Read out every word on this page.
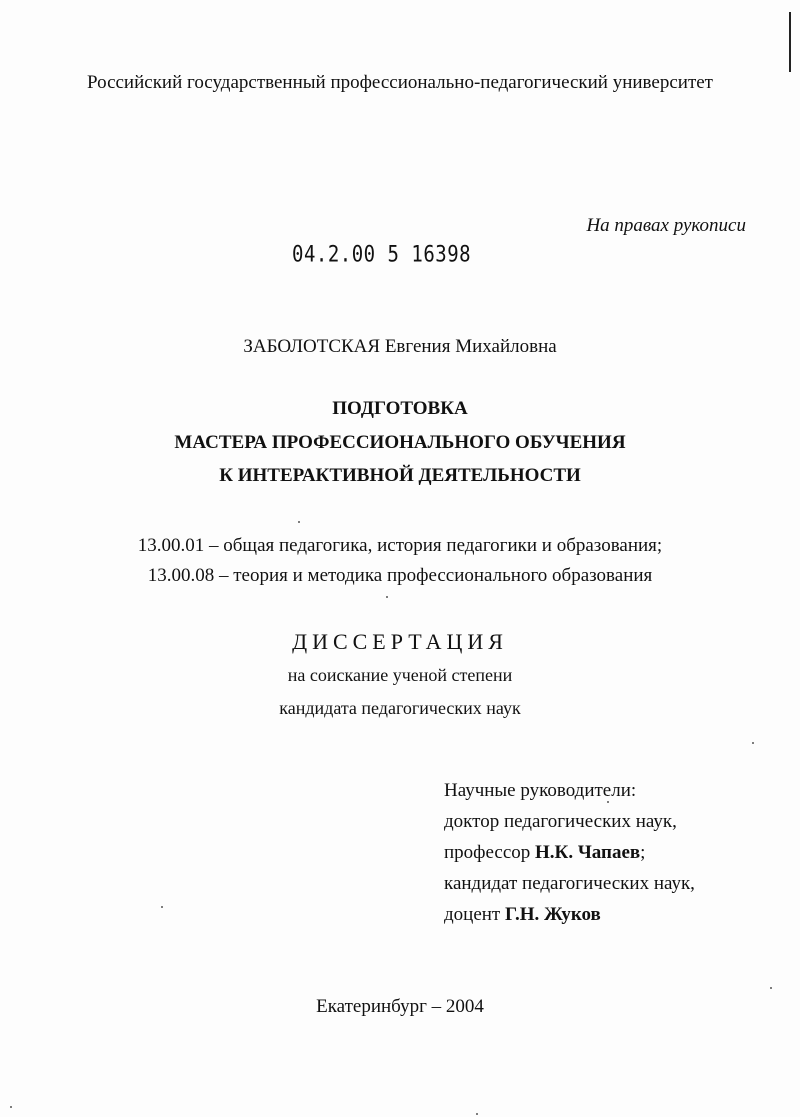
Российский государственный профессионально-педагогический университет
На правах рукописи
04.2.00 5 16398
ЗАБОЛОТСКАЯ Евгения Михайловна
ПОДГОТОВКА
МАСТЕРА ПРОФЕССИОНАЛЬНОГО ОБУЧЕНИЯ
К ИНТЕРАКТИВНОЙ ДЕЯТЕЛЬНОСТИ
13.00.01 – общая педагогика, история педагогики и образования;
13.00.08 – теория и методика профессионального образования
ДИССЕРТАЦИЯ
на соискание ученой степени
кандидата педагогических наук
Научные руководители:
доктор педагогических наук,
профессор Н.К. Чапаев;
кандидат педагогических наук,
доцент Г.Н. Жуков
Екатеринбург – 2004
